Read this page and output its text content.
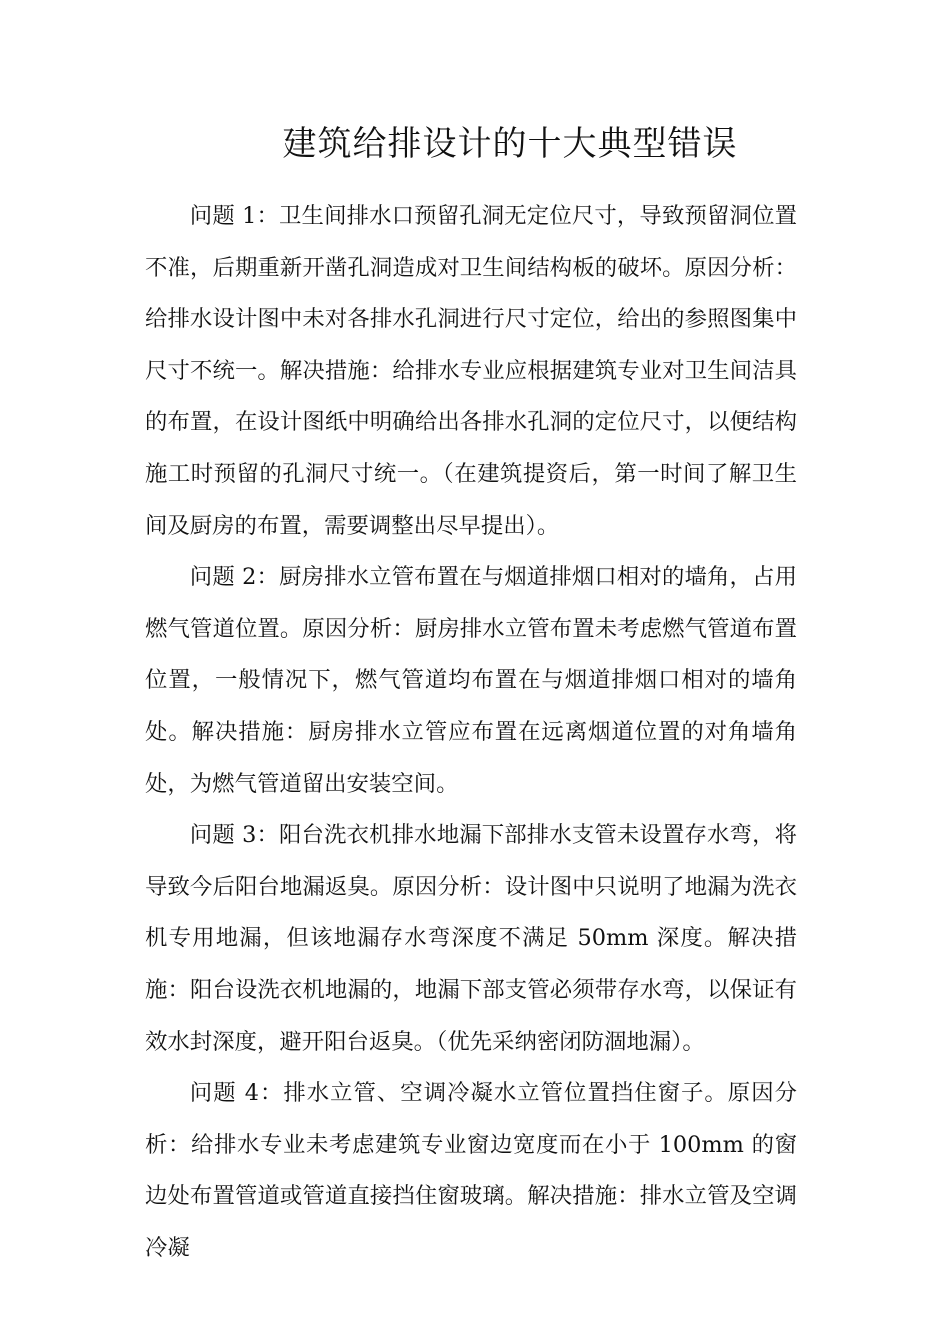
建筑给排设计的十大典型错误

问题 1：卫生间排水口预留孔洞无定位尺寸，导致预留洞位置不准，后期重新开凿孔洞造成对卫生间结构板的破坏。原因分析：给排水设计图中未对各排水孔洞进行尺寸定位，给出的参照图集中尺寸不统一。解决措施：给排水专业应根据建筑专业对卫生间洁具的布置，在设计图纸中明确给出各排水孔洞的定位尺寸，以便结构施工时预留的孔洞尺寸统一。（在建筑提资后，第一时间了解卫生间及厨房的布置，需要调整出尽早提出）。

问题 2：厨房排水立管布置在与烟道排烟口相对的墙角，占用燃气管道位置。原因分析：厨房排水立管布置未考虑燃气管道布置位置，一般情况下，燃气管道均布置在与烟道排烟口相对的墙角处。解决措施：厨房排水立管应布置在远离烟道位置的对角墙角处，为燃气管道留出安装空间。

问题 3：阳台洗衣机排水地漏下部排水支管未设置存水弯，将导致今后阳台地漏返臭。原因分析：设计图中只说明了地漏为洗衣机专用地漏，但该地漏存水弯深度不满足 50mm 深度。解决措施：阳台设洗衣机地漏的，地漏下部支管必须带存水弯，以保证有效水封深度，避开阳台返臭。（优先采纳密闭防涸地漏）。

问题 4：排水立管、空调冷凝水立管位置挡住窗子。原因分析：给排水专业未考虑建筑专业窗边宽度而在小于 100mm 的窗边处布置管道或管道直接挡住窗玻璃。解决措施：排水立管及空调冷凝
